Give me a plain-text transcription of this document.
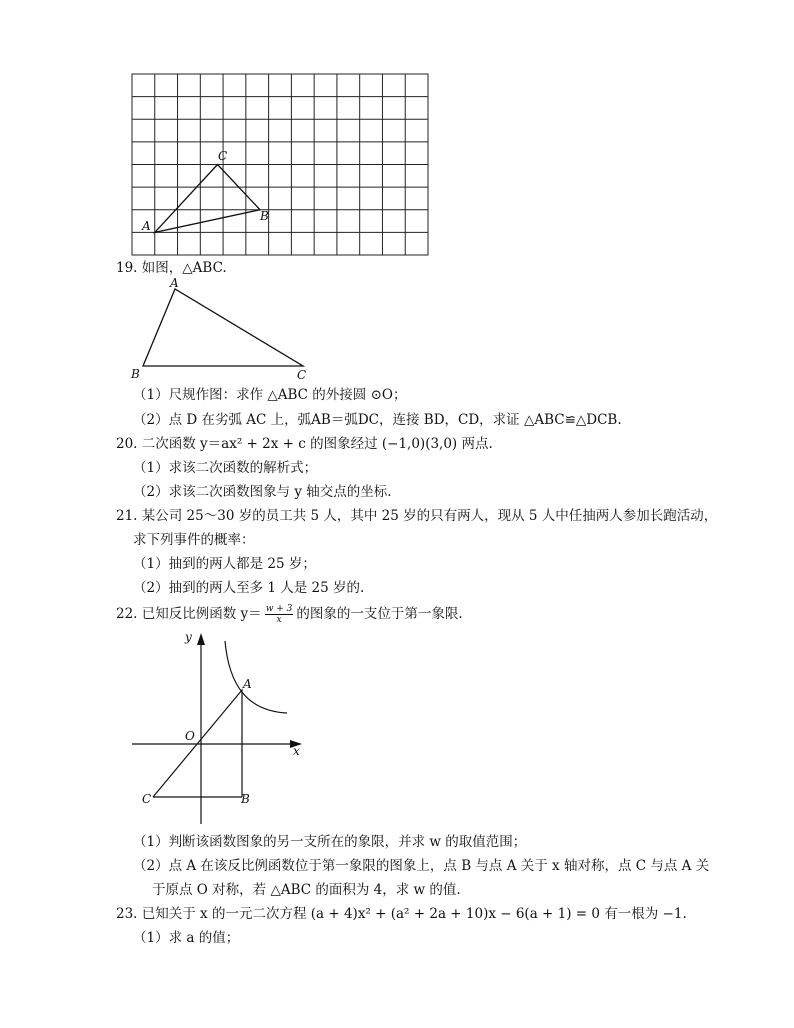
A
B
C
19. 如图，△ABC.
A
B	C
（1）尺规作图：求作 △ABC 的外接圆 ⊙O；
（2）点 D 在劣弧 AC 上，弧AB＝弧DC，连接 BD，CD，求证 △ABC≌△DCB.
20. 二次函数 y＝ax² + 2x + c 的图象经过 (−1,0)(3,0) 两点.
（1）求该二次函数的解析式；
（2）求该二次函数图象与 y 轴交点的坐标.
21. 某公司 25～30 岁的员工共 5 人，其中 25 岁的只有两人，现从 5 人中任抽两人参加长跑活动，
求下列事件的概率：
（1）抽到的两人都是 25 岁；
（2）抽到的两人至多 1 人是 25 岁的.
22. 已知反比例函数 $y= \frac{w + 3}{x}$ 的图象的一支位于第一象限.
y
x
O
A
B
C
（1）判断该函数图象的另一支所在的象限，并求 w 的取值范围；
（2）点 A 在该反比例函数位于第一象限的图象上，点 B 与点 A 关于 x 轴对称，点 C 与点 A 关
于原点 O 对称，若 △ABC 的面积为 4，求 w 的值.
23. 已知关于 x 的一元二次方程 (a + 4)x² + (a² + 2a + 10)x − 6(a + 1) = 0 有一根为 −1.
（1）求 a 的值；
